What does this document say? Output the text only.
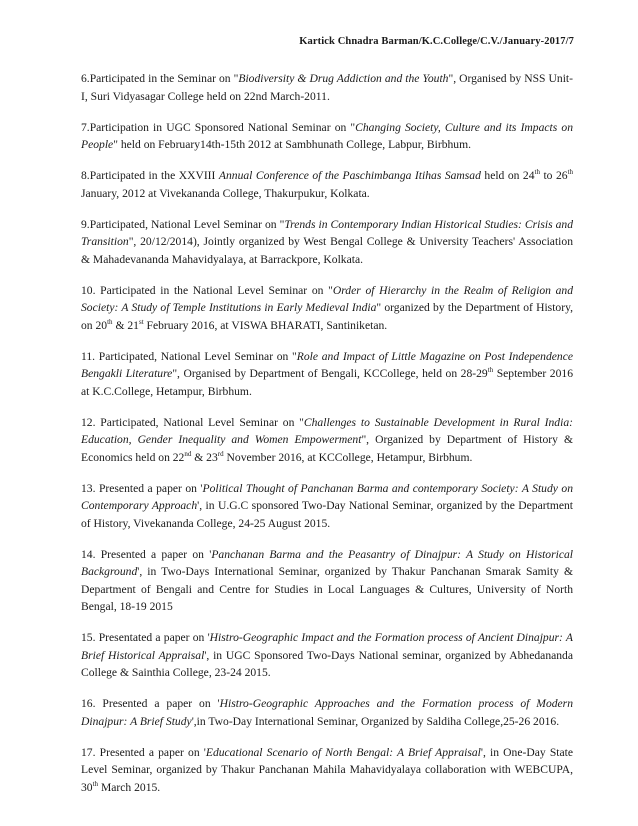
Kartick Chnadra Barman/K.C.College/C.V./January-2017/7

6.Participated in the Seminar on "Biodiversity & Drug Addiction and the Youth", Organised by NSS Unit-I, Suri Vidyasagar College held on 22nd March-2011.

7.Participation in UGC Sponsored National Seminar on "Changing Society, Culture and its Impacts on People" held on February14th-15th 2012 at Sambhunath College, Labpur, Birbhum.

8.Participated in the XXVIII Annual Conference of the Paschimbanga Itihas Samsad held on 24th to 26th January, 2012 at Vivekananda College, Thakurpukur, Kolkata.

9.Participated, National Level Seminar on "Trends in Contemporary Indian Historical Studies: Crisis and Transition", 20/12/2014), Jointly organized by West Bengal College & University Teachers' Association & Mahadevananda Mahavidyalaya, at Barrackpore, Kolkata.

10. Participated in the National Level Seminar on "Order of Hierarchy in the Realm of Religion and Society: A Study of Temple Institutions in Early Medieval India" organized by the Department of History, on 20th & 21st February 2016, at VISWA BHARATI, Santiniketan.

11. Participated, National Level Seminar on "Role and Impact of Little Magazine on Post Independence Bengakli Literature", Organised by Department of Bengali, KCCollege, held on 28-29th September 2016 at K.C.College, Hetampur, Birbhum.

12. Participated, National Level Seminar on "Challenges to Sustainable Development in Rural India: Education, Gender Inequality and Women Empowerment", Organized by Department of History & Economics held on 22nd & 23rd November 2016, at KCCollege, Hetampur, Birbhum.

13. Presented a paper on 'Political Thought of Panchanan Barma and contemporary Society: A Study on Contemporary Approach', in U.G.C sponsored Two-Day National Seminar, organized by the Department of History, Vivekananda College, 24-25 August 2015.

14. Presented a paper on 'Panchanan Barma and the Peasantry of Dinajpur: A Study on Historical Background', in Two-Days International Seminar, organized by Thakur Panchanan Smarak Samity & Department of Bengali and Centre for Studies in Local Languages & Cultures, University of North Bengal, 18-19 2015

15. Presentated a paper on 'Histro-Geographic Impact and the Formation process of Ancient Dinajpur: A Brief Historical Appraisal', in UGC Sponsored Two-Days National seminar, organized by Abhedananda College & Sainthia College, 23-24 2015.

16. Presented a paper on 'Histro-Geographic Approaches and the Formation process of Modern Dinajpur: A Brief Study',in Two-Day International Seminar, Organized by Saldiha College,25-26 2016.

17. Presented a paper on 'Educational Scenario of North Bengal: A Brief Appraisal', in One-Day State Level Seminar, organized by Thakur Panchanan Mahila Mahavidyalaya collaboration with WEBCUPA, 30th March 2015.
